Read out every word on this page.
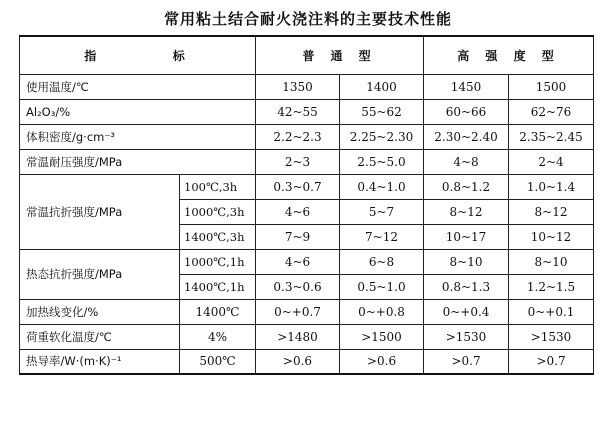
常用粘土结合耐火浇注料的主要技术性能
指 标		普 通 型		高 强 度 型	
使用温度/℃		1350	1400	1450	1500
Al₂O₃/%		42~55	55~62	60~66	62~76
体积密度/g·cm⁻³		2.2~2.3	2.25~2.30	2.30~2.40	2.35~2.45
常温耐压强度/MPa		2~3	2.5~5.0	4~8	2~4
常温抗折强度/MPa	100℃,3h	0.3~0.7	0.4~1.0	0.8~1.2	1.0~1.4
	1000℃,3h	4~6	5~7	8~12	8~12
	1400℃,3h	7~9	7~12	10~17	10~12
热态抗折强度/MPa	1000℃,1h	4~6	6~8	8~10	8~10
	1400℃,1h	0.3~0.6	0.5~1.0	0.8~1.3	1.2~1.5
加热线变化/%	1400℃	0~+0.7	0~+0.8	0~+0.4	0~+0.1
荷重软化温度/℃	4%	>1480	>1500	>1530	>1530
热导率/W·(m·K)⁻¹	500℃	>0.6	>0.6	>0.7	>0.7
